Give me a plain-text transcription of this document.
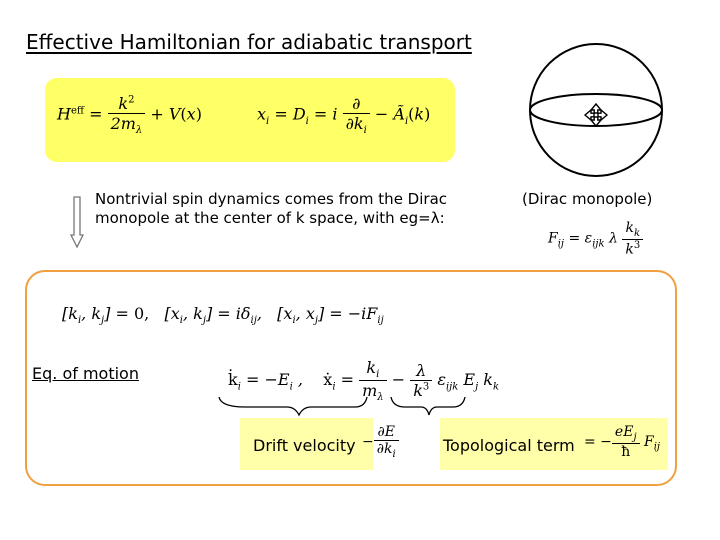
Effective Hamiltonian for adiabatic transport
$H^{eff} = \frac{k^2}{2m_\lambda} + V(x)$	$x_i = D_i = i \frac{\partial}{\partial k_i}$ − $Ã_i(k)$
Nontrivial spin dynamics comes from the Dirac monopole at the center of k space, with eg=λ:
(Dirac monopole)
$F_{ij} = \varepsilon_{ijk}$ λ $\frac{k_k}{k^3}$
[$k_i$, $k_j] = 0$,   [$x_i$, $k_j] = i\delta_{ij}$,   [$x_i$, $x_j] = -iF_{ij}$
Eq. of motion	$k̇_i = -E_i$ ,    ẋ$_i$ = $\frac{k_i}{m_\lambda} - \frac{\lambda}{k^3} \varepsilon_{ijk}$ $E_j$ $k_k$
Drift velocity − $\frac{\partial E}{\partial k_i}$	Topological term = − $\frac{eE_j}{ħ} F_{ij}$
